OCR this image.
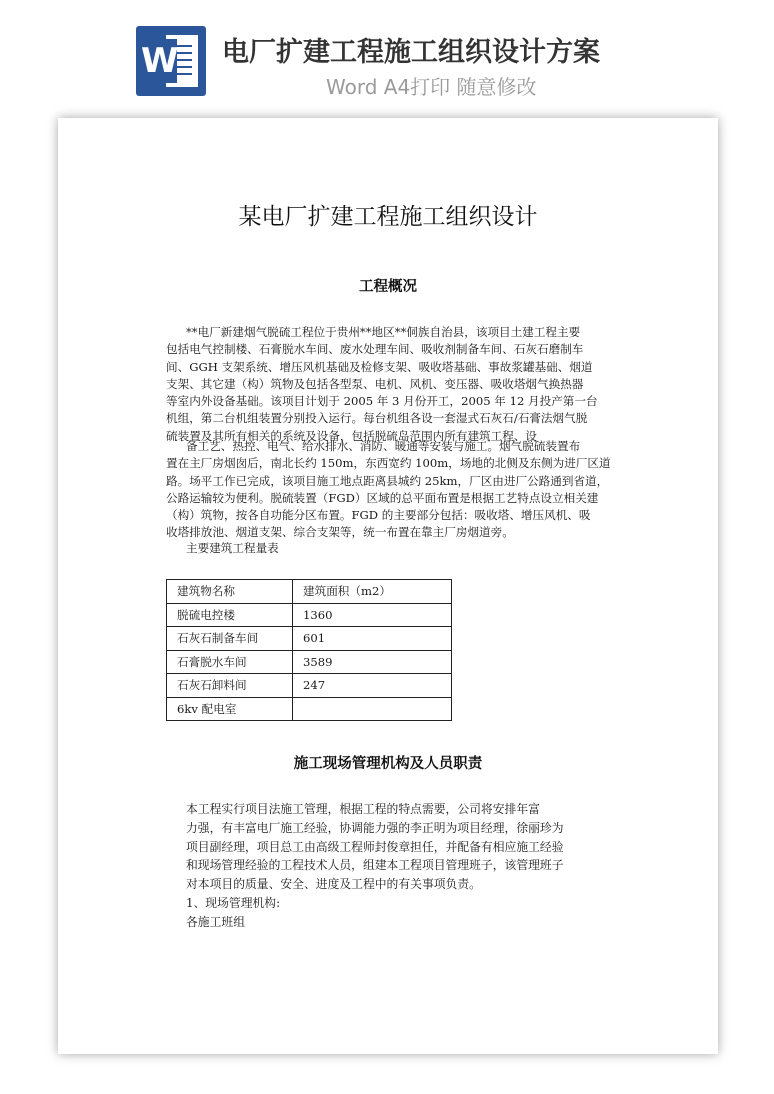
W 电厂扩建工程施工组织设计方案
Word A4打印 随意修改
某电厂扩建工程施工组织设计
工程概况
**电厂新建烟气脱硫工程位于贵州**地区**侗族自治县，该项目土建工程主要
包括电气控制楼、石膏脱水车间、废水处理车间、吸收剂制备车间、石灰石磨制车
间、GGH 支架系统、增压风机基础及检修支架、吸收塔基础、事故浆罐基础、烟道
支架、其它建（构）筑物及包括各型泵、电机、风机、变压器、吸收塔烟气换热器
等室内外设备基础。该项目计划于 2005 年 3 月份开工，2005 年 12 月投产第一台
机组，第二台机组装置分别投入运行。每台机组各设一套湿式石灰石/石膏法烟气脱
硫装置及其所有相关的系统及设备，包括脱硫岛范围内所有建筑工程、设
备工艺、热控、电气、给水排水、消防、暖通等安装与施工。烟气脱硫装置布
置在主厂房烟囱后，南北长约 150m，东西宽约 100m，场地的北侧及东侧为进厂区道
路。场平工作已完成，该项目施工地点距离县城约 25km，厂区由进厂公路通到省道，
公路运输较为便利。脱硫装置（FGD）区域的总平面布置是根据工艺特点设立相关建
（构）筑物，按各自功能分区布置。FGD 的主要部分包括：吸收塔、增压风机、吸
收塔排放池、烟道支架、综合支架等，统一布置在靠主厂房烟道旁。
主要建筑工程量表
建筑物名称	建筑面积（m2）
脱硫电控楼	1360
石灰石制备车间	601
石膏脱水车间	3589
石灰石卸料间	247
6kv 配电室	
施工现场管理机构及人员职责
本工程实行项目法施工管理，根据工程的特点需要，公司将安排年富
力强，有丰富电厂施工经验，协调能力强的李正明为项目经理，徐丽珍为
项目副经理，项目总工由高级工程师封俊章担任，并配备有相应施工经验
和现场管理经验的工程技术人员，组建本工程项目管理班子，该管理班子
对本项目的质量、安全、进度及工程中的有关事项负责。
1、现场管理机构:
各施工班组
